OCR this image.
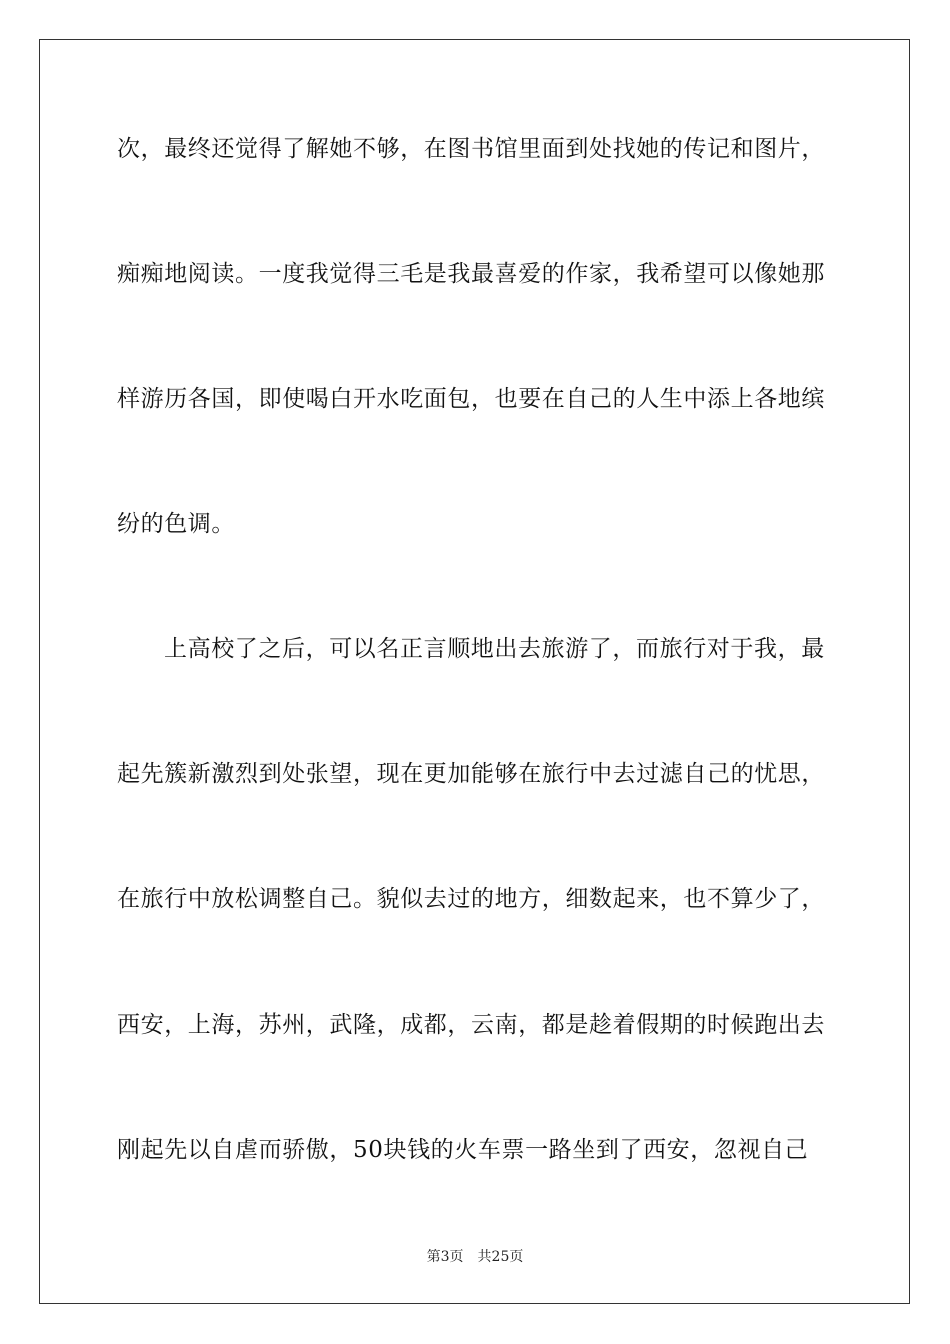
次，最终还觉得了解她不够，在图书馆里面到处找她的传记和图片，
痴痴地阅读。一度我觉得三毛是我最喜爱的作家，我希望可以像她那
样游历各国，即使喝白开水吃面包，也要在自己的人生中添上各地缤
纷的色调。
上高校了之后，可以名正言顺地出去旅游了，而旅行对于我，最
起先簇新激烈到处张望，现在更加能够在旅行中去过滤自己的忧思，
在旅行中放松调整自己。貌似去过的地方，细数起来，也不算少了，
西安，上海，苏州，武隆，成都，云南，都是趁着假期的时候跑出去
刚起先以自虐而骄傲，50块钱的火车票一路坐到了西安，忽视自己
第3页 共25页
